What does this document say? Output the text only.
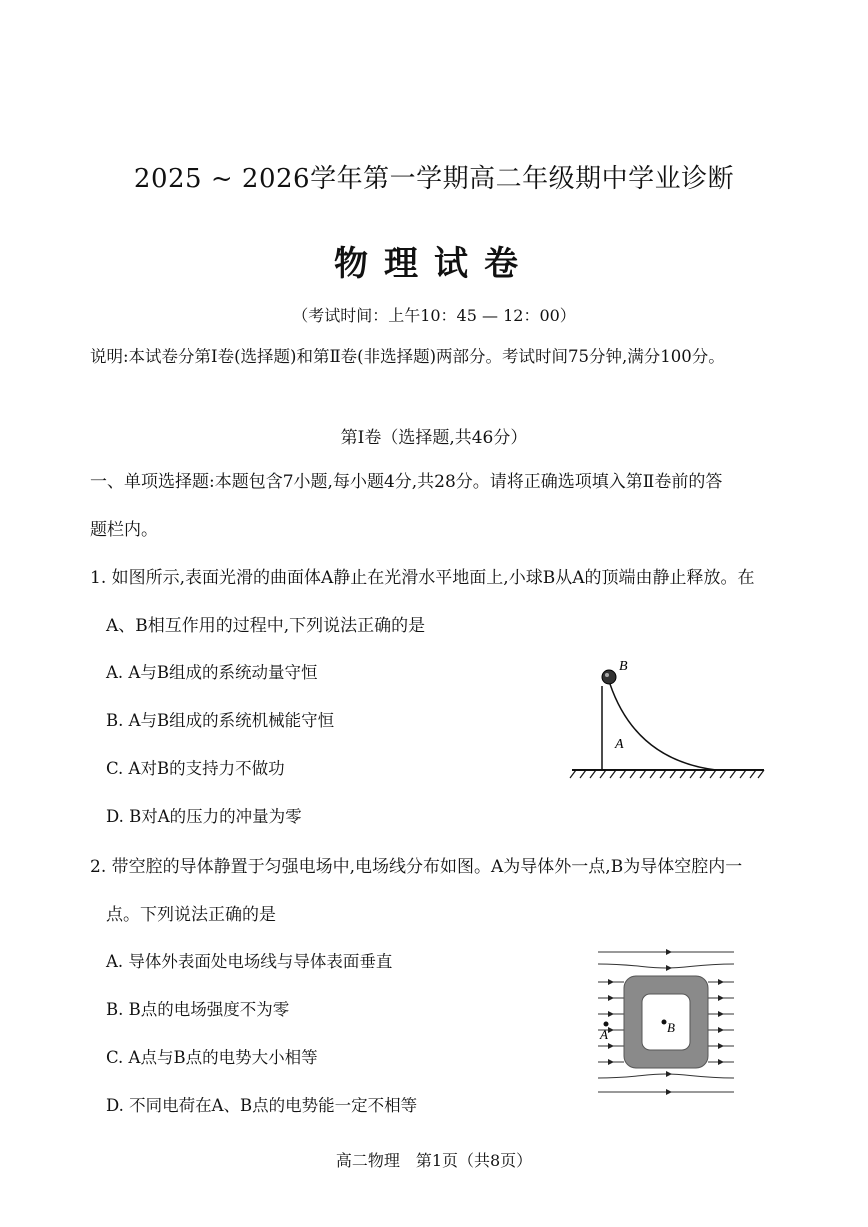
2025 ~ 2026学年第一学期高二年级期中学业诊断
物理试卷
（考试时间：上午10：45 — 12：00）
说明:本试卷分第Ⅰ卷(选择题)和第Ⅱ卷(非选择题)两部分。考试时间75分钟,满分100分。
第Ⅰ卷（选择题,共46分）
一、单项选择题:本题包含7小题,每小题4分,共28分。请将正确选项填入第Ⅱ卷前的答
题栏内。
1. 如图所示,表面光滑的曲面体A静止在光滑水平地面上,小球B从A的顶端由静止释放。在
A、B相互作用的过程中,下列说法正确的是
A. A与B组成的系统动量守恒
B. A与B组成的系统机械能守恒
C. A对B的支持力不做功
D. B对A的压力的冲量为零
B
A
2. 带空腔的导体静置于匀强电场中,电场线分布如图。A为导体外一点,B为导体空腔内一
点。下列说法正确的是
A. 导体外表面处电场线与导体表面垂直
B. B点的电场强度不为零
C. A点与B点的电势大小相等
D. 不同电荷在A、B点的电势能一定不相等
B
A
高二物理　第1页（共8页）
